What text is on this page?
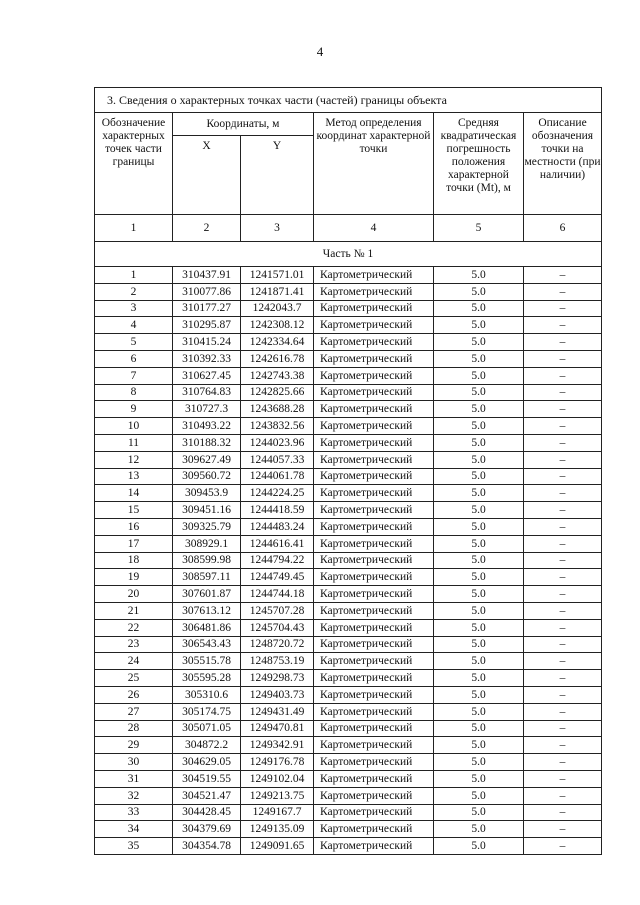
4
3. Сведения о характерных точках части (частей) границы объекта					
Обозначение характерных точек части границы	Координаты, м		Метод определения координат характерной точки	Средняя квадратическая погрешность положения характерной точки (Mt), м	Описание обозначения точки на местности (при наличии)
	X	Y			
1	2	3	4	5	6
Часть № 1					
1	310437.91	1241571.01	Картометрический	5.0	–
2	310077.86	1241871.41	Картометрический	5.0	–
3	310177.27	1242043.7	Картометрический	5.0	–
4	310295.87	1242308.12	Картометрический	5.0	–
5	310415.24	1242334.64	Картометрический	5.0	–
6	310392.33	1242616.78	Картометрический	5.0	–
7	310627.45	1242743.38	Картометрический	5.0	–
8	310764.83	1242825.66	Картометрический	5.0	–
9	310727.3	1243688.28	Картометрический	5.0	–
10	310493.22	1243832.56	Картометрический	5.0	–
11	310188.32	1244023.96	Картометрический	5.0	–
12	309627.49	1244057.33	Картометрический	5.0	–
13	309560.72	1244061.78	Картометрический	5.0	–
14	309453.9	1244224.25	Картометрический	5.0	–
15	309451.16	1244418.59	Картометрический	5.0	–
16	309325.79	1244483.24	Картометрический	5.0	–
17	308929.1	1244616.41	Картометрический	5.0	–
18	308599.98	1244794.22	Картометрический	5.0	–
19	308597.11	1244749.45	Картометрический	5.0	–
20	307601.87	1244744.18	Картометрический	5.0	–
21	307613.12	1245707.28	Картометрический	5.0	–
22	306481.86	1245704.43	Картометрический	5.0	–
23	306543.43	1248720.72	Картометрический	5.0	–
24	305515.78	1248753.19	Картометрический	5.0	–
25	305595.28	1249298.73	Картометрический	5.0	–
26	305310.6	1249403.73	Картометрический	5.0	–
27	305174.75	1249431.49	Картометрический	5.0	–
28	305071.05	1249470.81	Картометрический	5.0	–
29	304872.2	1249342.91	Картометрический	5.0	–
30	304629.05	1249176.78	Картометрический	5.0	–
31	304519.55	1249102.04	Картометрический	5.0	–
32	304521.47	1249213.75	Картометрический	5.0	–
33	304428.45	1249167.7	Картометрический	5.0	–
34	304379.69	1249135.09	Картометрический	5.0	–
35	304354.78	1249091.65	Картометрический	5.0	–
